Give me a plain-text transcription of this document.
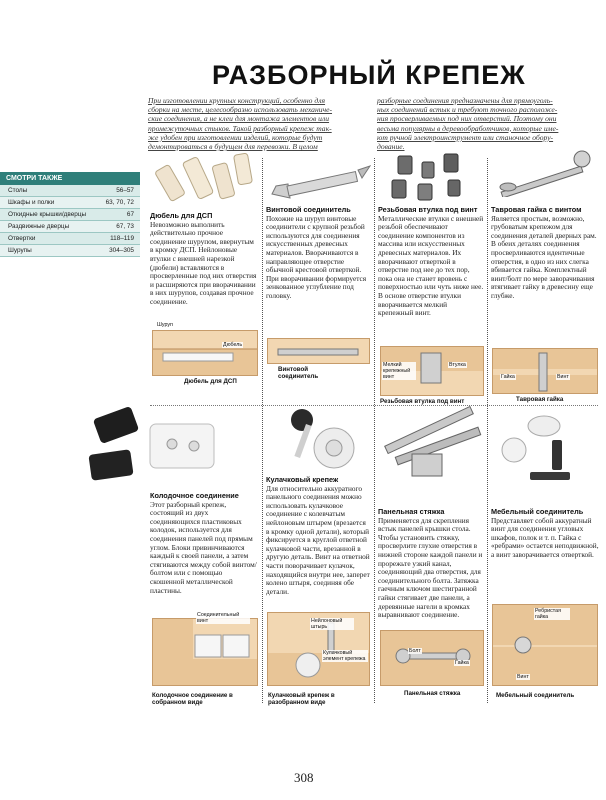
РАЗБОРНЫЙ КРЕПЕЖ
При изготовлении крупных конструкций, особенно для
сборки на месте, целесообразно использовать механиче-
ские соединения, а не клеи для монтажа элементов или
промежуточных стыков. Такой разборный крепеж так-
же удобен при изготовлении изделий, которые будут
демонтироваться в будущем для перевозки. В целом
разборные соединения предназначены для прямоуголь-
ных соединений встык и требуют точного расположе-
ния просверливаемых под них отверстий. Поэтому они
весьма популярны в деревообработчиков, которые име-
ют ручной электроинструмент или станочное обору-
дование.
СМОТРИ ТАКЖЕ
Столы	56–57
Шкафы и полки	63, 70, 72
Откидные крышки/дверцы	67
Раздвижные дверцы	67, 73
Отвертки	118–119
Шурупы	304–305
Дюбель для ДСП
Невозможно выполнить действительно прочное соединение шурупом, ввернутым в кромку ДСП. Нейлоновые втулки с внешней нарезкой (дюбели) вставляются в просверленные под них отверстия и расширяются при вворачивании в них шурупов, создавая прочное соединение.
Винтовой соединитель
Похожие на шуруп винтовые соединители с крупной резьбой используются для соединения искусственных древесных материалов. Вворачиваются в направляющее отверстие обычной крестовой отверткой. При вворачивании формируется зенкованное углубление под головку.
Резьбовая втулка под винт
Металлические втулки с внешней резьбой обеспечивают соединение компонентов из массива или искусственных древесных материалов. Их вворачивают отверткой в отверстие под нее до тех пор, пока она не станет вровень с поверхностью или чуть ниже нее. В основе отверстие втулки вворачивается мелкий крепежный винт.
Тавровая гайка с винтом
Является простым, возможно, грубоватым крепежом для соединения деталей дверных рам. В обеих деталях соединения просверливаются идентичные отверстия, в одно из них слегка вбивается гайка. Комплектный винт/болт по мере заворачивания втягивает гайку в древесину еще глубже.
Шуруп
Дюбель
Дюбель для ДСП
Винтовой соединитель
Мелкий крепежный винт
Втулка
Резьбовая втулка под винт
Гайка	Винт
Тавровая гайка
Колодочное соединение
Этот разборный крепеж, состоящий из двух соединяющихся пластиковых колодок, используется для соединения панелей под прямым углом. Блоки привинчиваются каждый к своей панели, а затем стягиваются между собой винтом/болтом или с помощью скошенной металлической пластины.
Кулачковый крепеж
Для относительно аккуратного панельного соединения можно использовать кулачковое соединение с колевчатым нейлоновым штырем (врезается в кромку одной детали), который фиксируется в круглой ответной кулачковой части, врезанной в другую деталь. Винт на ответной части поворачивает кулачок, находящийся внутри нее, заперет колено штыря, соединяя обе детали.
Панельная стяжка
Применяется для скрепления встык панелей крышки стола. Чтобы установить стяжку, просверлите глухие отверстия в нижней стороне каждой панели и прорежьте узкий канал, соединяющий два отверстия, для соединительного болта. Затяжка гаечным ключом шестигранной гайки стягивает две панели, а деревянные нагели в кромках выравнивают соединение.
Мебельный соединитель
Представляет собой аккуратный винт для соединения угловых шкафов, полок и т. п. Гайка с «ребрами» остается неподвижной, а винт заворачивается отверткой.
Соединительный винт
Колодочное соединение в собранном виде
Нейлоновый штырь
Кулачковый элемент крепежа
Кулачковый крепеж в разобранном виде
Болт
Гайка
Панельная стяжка
Ребристая гайка
Винт
Мебельный соединитель
308
